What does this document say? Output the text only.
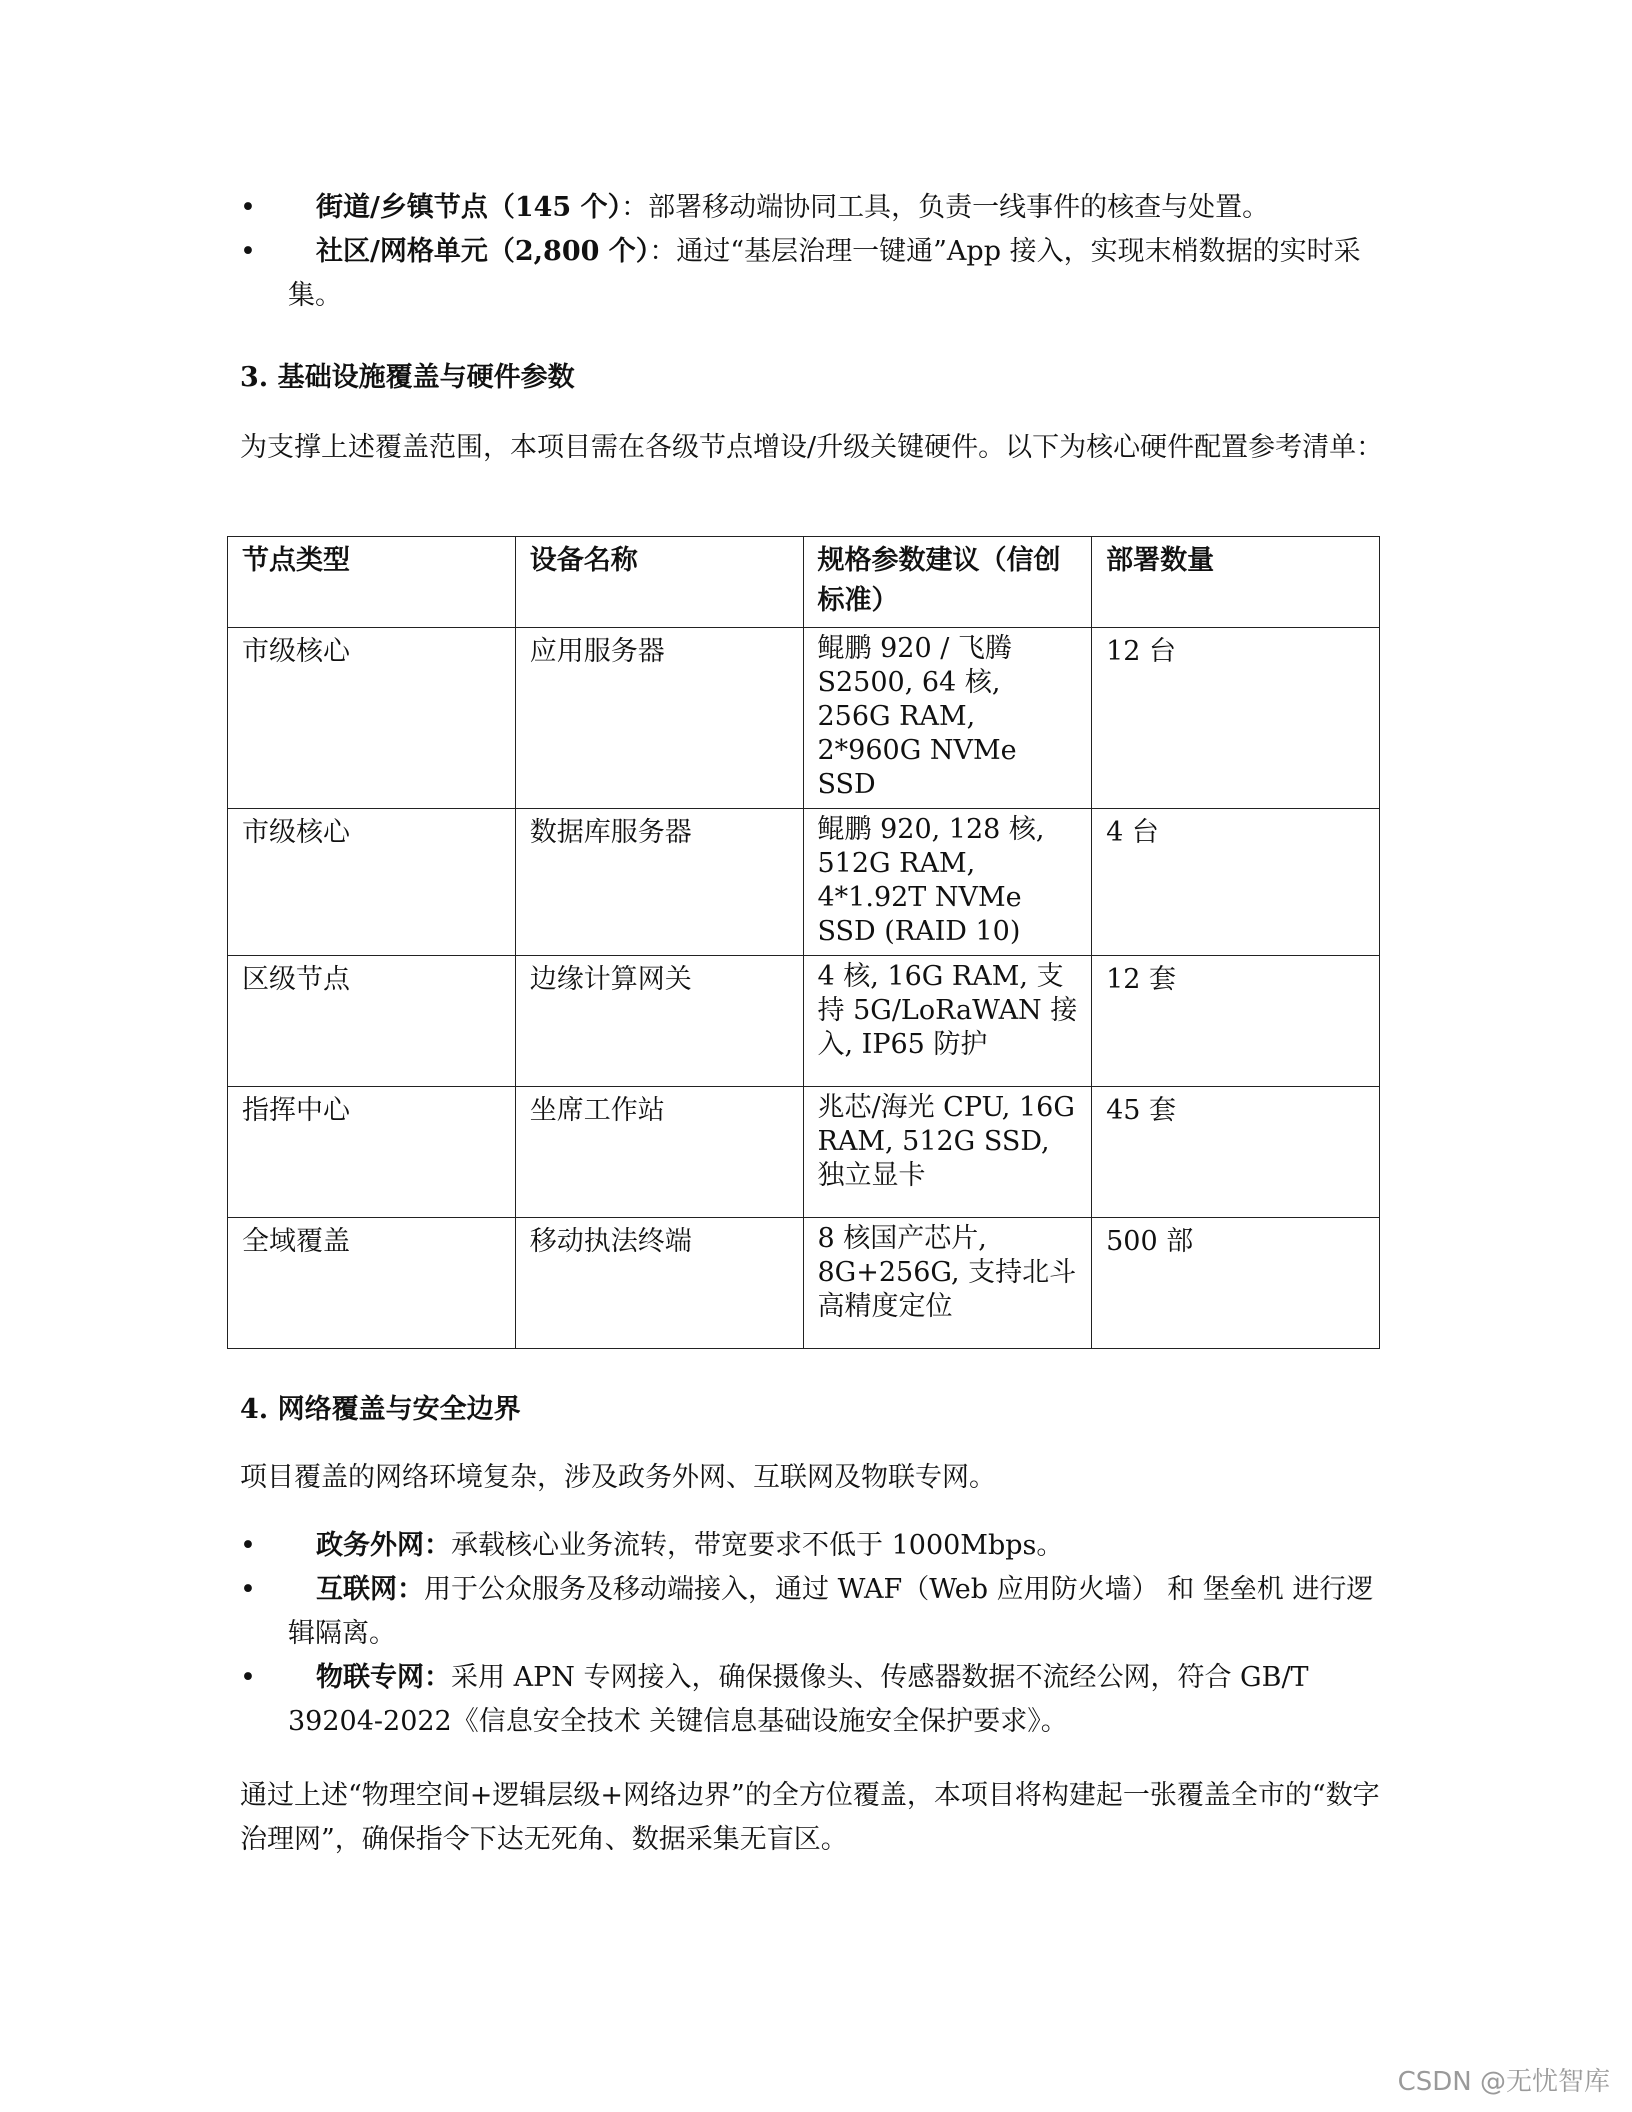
•	街道/乡镇节点（145 个）：部署移动端协同工具，负责一线事件的核查与处置。
•	社区/网格单元（2,800 个）：通过“基层治理一键通”App 接入，实现末梢数据的实时采集。

3. 基础设施覆盖与硬件参数

为支撑上述覆盖范围，本项目需在各级节点增设/升级关键硬件。以下为核心硬件配置参考清单：

节点类型	设备名称	规格参数建议（信创标准）	部署数量
市级核心	应用服务器	鲲鹏 920 / 飞腾 S2500, 64 核, 256G RAM, 2*960G NVMe SSD	12 台
市级核心	数据库服务器	鲲鹏 920, 128 核, 512G RAM, 4*1.92T NVMe SSD (RAID 10)	4 台
区级节点	边缘计算网关	4 核, 16G RAM, 支持 5G/LoRaWAN 接入, IP65 防护	12 套
指挥中心	坐席工作站	兆芯/海光 CPU, 16G RAM, 512G SSD, 独立显卡	45 套
全域覆盖	移动执法终端	8 核国产芯片, 8G+256G, 支持北斗高精度定位	500 部

4. 网络覆盖与安全边界

项目覆盖的网络环境复杂，涉及政务外网、互联网及物联专网。

•	政务外网：承载核心业务流转，带宽要求不低于 1000Mbps。
•	互联网：用于公众服务及移动端接入，通过 WAF（Web 应用防火墙） 和 堡垒机 进行逻辑隔离。
•	物联专网：采用 APN 专网接入，确保摄像头、传感器数据不流经公网，符合 GB/T 39204-2022《信息安全技术 关键信息基础设施安全保护要求》。

通过上述“物理空间+逻辑层级+网络边界”的全方位覆盖，本项目将构建起一张覆盖全市的“数字治理网”，确保指令下达无死角、数据采集无盲区。

CSDN @无忧智库
